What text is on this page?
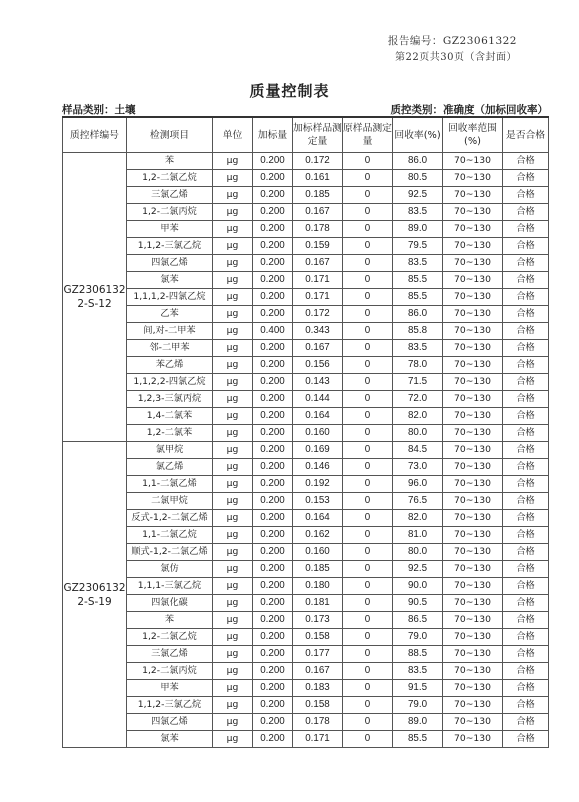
报告编号：GZ23061322
第22页共30页（含封面）
质量控制表
样品类别：土壤	质控类别：准确度（加标回收率）
质控样编号	检测项目	单位	加标量	加标样品测定量	原样品测定量	回收率(%)	回收率范围(%)	是否合格
GZ2306132 2-S-12	苯	μg	0.200	0.172	0	86.0	70~130	合格
	1,2-二氯乙烷	μg	0.200	0.161	0	80.5	70~130	合格
	三氯乙烯	μg	0.200	0.185	0	92.5	70~130	合格
	1,2-二氯丙烷	μg	0.200	0.167	0	83.5	70~130	合格
	甲苯	μg	0.200	0.178	0	89.0	70~130	合格
	1,1,2-三氯乙烷	μg	0.200	0.159	0	79.5	70~130	合格
	四氯乙烯	μg	0.200	0.167	0	83.5	70~130	合格
	氯苯	μg	0.200	0.171	0	85.5	70~130	合格
	1,1,1,2-四氯乙烷	μg	0.200	0.171	0	85.5	70~130	合格
	乙苯	μg	0.200	0.172	0	86.0	70~130	合格
	间,对-二甲苯	μg	0.400	0.343	0	85.8	70~130	合格
	邻-二甲苯	μg	0.200	0.167	0	83.5	70~130	合格
	苯乙烯	μg	0.200	0.156	0	78.0	70~130	合格
	1,1,2,2-四氯乙烷	μg	0.200	0.143	0	71.5	70~130	合格
	1,2,3-三氯丙烷	μg	0.200	0.144	0	72.0	70~130	合格
	1,4-二氯苯	μg	0.200	0.164	0	82.0	70~130	合格
	1,2-二氯苯	μg	0.200	0.160	0	80.0	70~130	合格
GZ2306132 2-S-19	氯甲烷	μg	0.200	0.169	0	84.5	70~130	合格
	氯乙烯	μg	0.200	0.146	0	73.0	70~130	合格
	1,1-二氯乙烯	μg	0.200	0.192	0	96.0	70~130	合格
	二氯甲烷	μg	0.200	0.153	0	76.5	70~130	合格
	反式-1,2-二氯乙烯	μg	0.200	0.164	0	82.0	70~130	合格
	1,1-二氯乙烷	μg	0.200	0.162	0	81.0	70~130	合格
	顺式-1,2-二氯乙烯	μg	0.200	0.160	0	80.0	70~130	合格
	氯仿	μg	0.200	0.185	0	92.5	70~130	合格
	1,1,1-三氯乙烷	μg	0.200	0.180	0	90.0	70~130	合格
	四氯化碳	μg	0.200	0.181	0	90.5	70~130	合格
	苯	μg	0.200	0.173	0	86.5	70~130	合格
	1,2-二氯乙烷	μg	0.200	0.158	0	79.0	70~130	合格
	三氯乙烯	μg	0.200	0.177	0	88.5	70~130	合格
	1,2-二氯丙烷	μg	0.200	0.167	0	83.5	70~130	合格
	甲苯	μg	0.200	0.183	0	91.5	70~130	合格
	1,1,2-三氯乙烷	μg	0.200	0.158	0	79.0	70~130	合格
	四氯乙烯	μg	0.200	0.178	0	89.0	70~130	合格
	氯苯	μg	0.200	0.171	0	85.5	70~130	合格
